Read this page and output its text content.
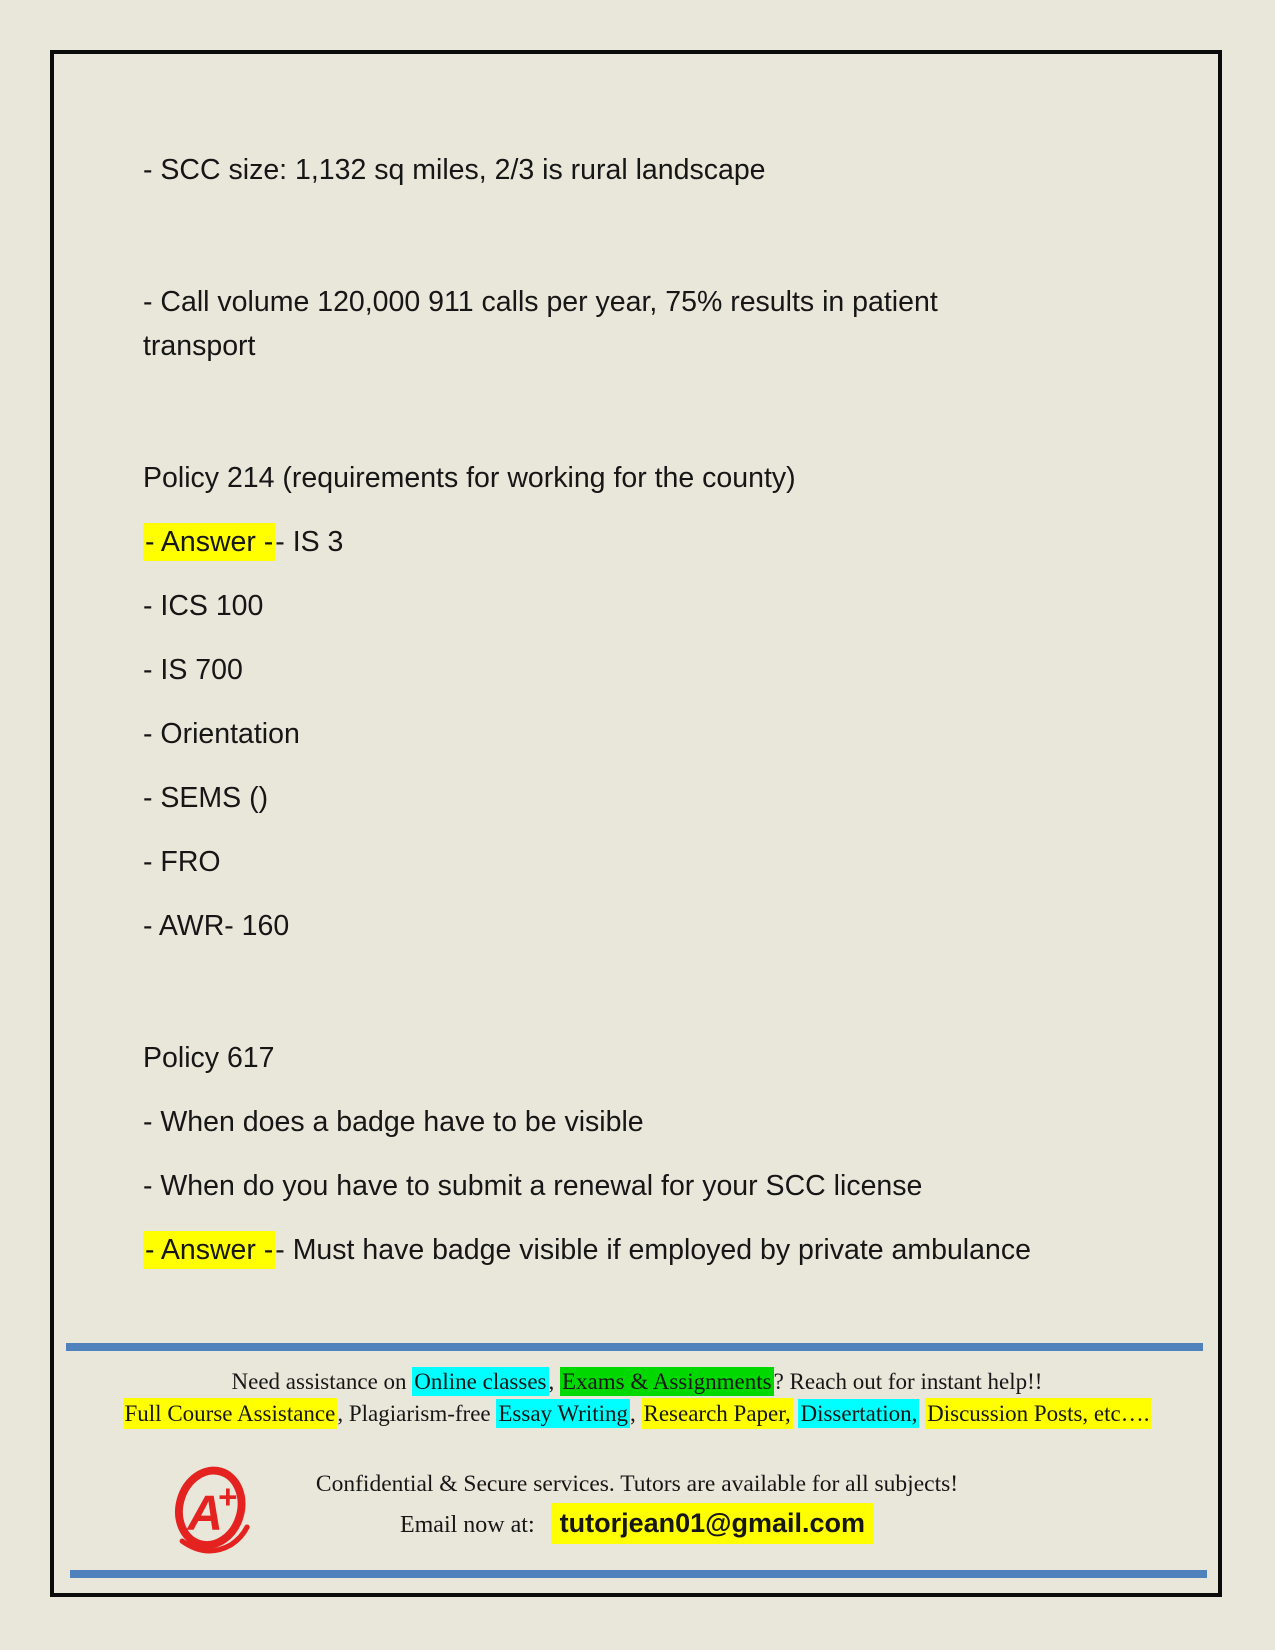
- SCC size: 1,132 sq miles, 2/3 is rural landscape

- Call volume 120,000 911 calls per year, 75% results in patient

transport

Policy 214 (requirements for working for the county)

- Answer -- IS 3

- ICS 100

- IS 700

- Orientation

- SEMS ()

- FRO

- AWR- 160

Policy 617

- When does a badge have to be visible

- When do you have to submit a renewal for your SCC license

- Answer -- Must have badge visible if employed by private ambulance

Need assistance on Online classes, Exams & Assignments? Reach out for instant help!!
Full Course Assistance, Plagiarism-free Essay Writing, Research Paper, Dissertation, Discussion Posts, etc….
A
+	Confidential & Secure services. Tutors are available for all subjects!
Email now at: tutorjean01@gmail.com
